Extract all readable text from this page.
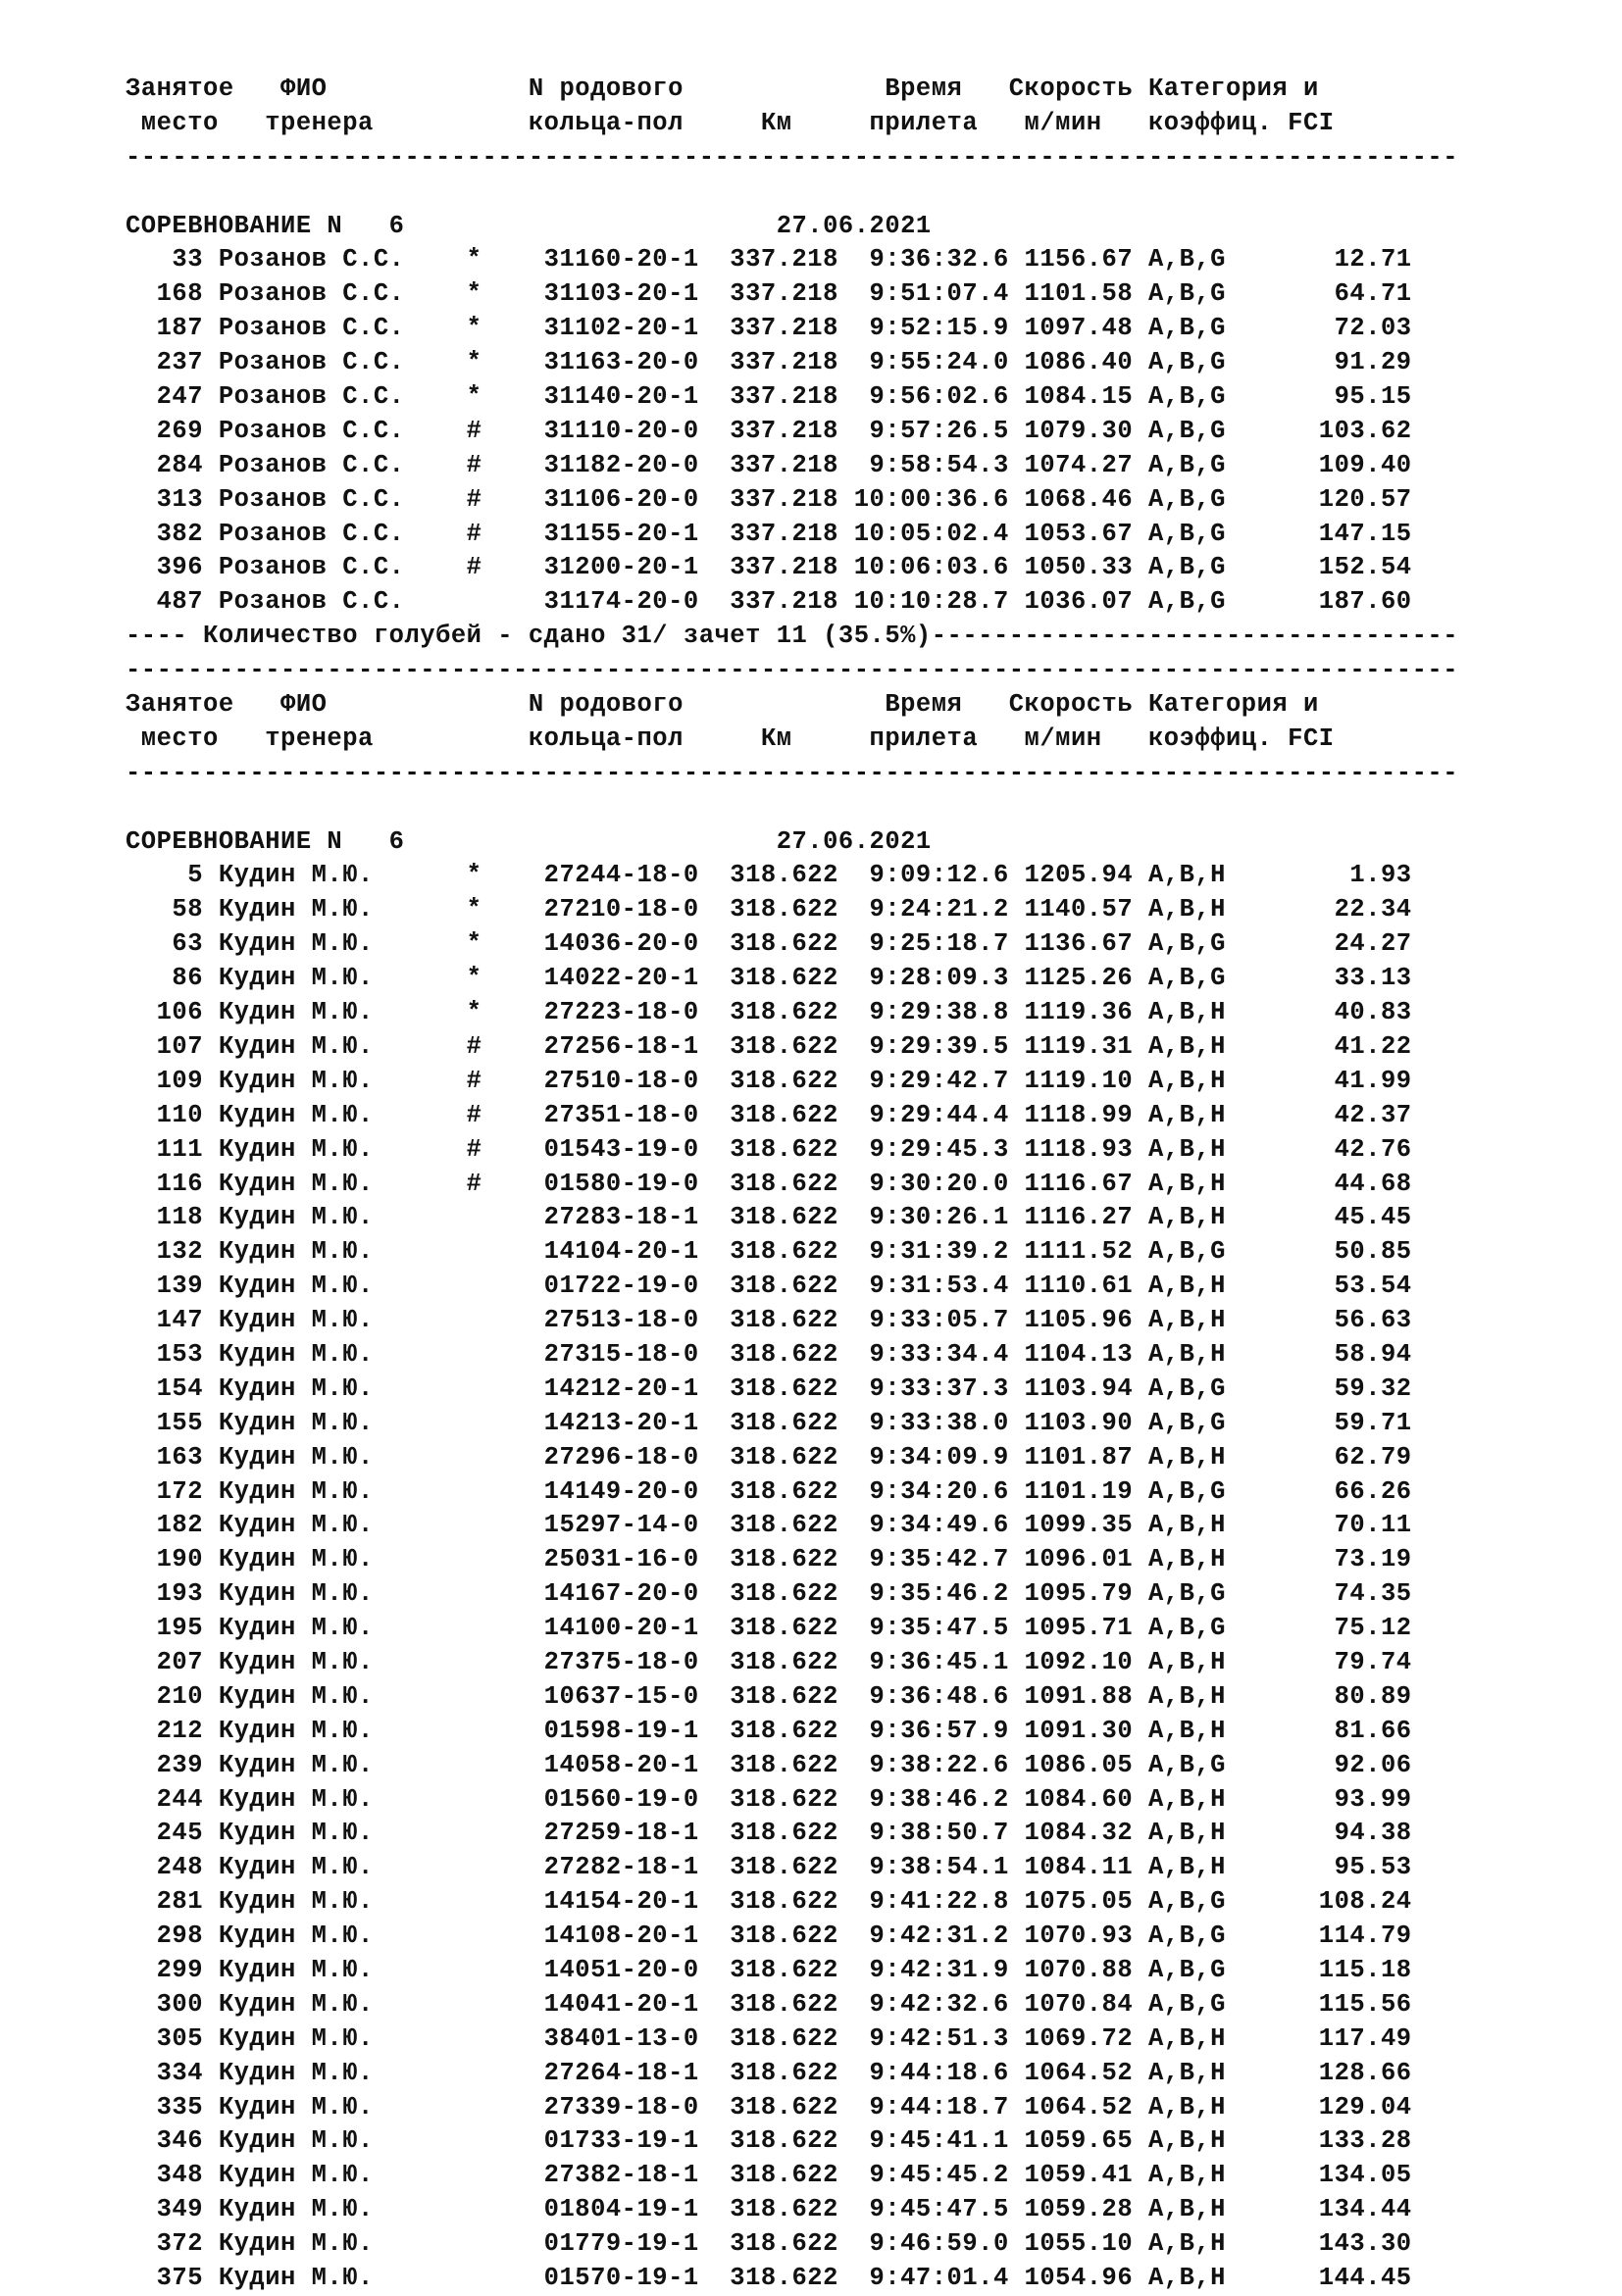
Занятое   ФИО             N родового             Время   Скорость Категория и
место   тренера          кольца-пол     Км     прилета   м/мин   коэффиц. FCI
--------------------------------------------------------------------------------------
СОРЕВНОВАНИЕ N   6                        27.06.2021
33 Розанов С.С.    *    31160-20-1  337.218  9:36:32.6 1156.67 A,B,G       12.71
168 Розанов С.С.    *    31103-20-1  337.218  9:51:07.4 1101.58 A,B,G       64.71
187 Розанов С.С.    *    31102-20-1  337.218  9:52:15.9 1097.48 A,B,G       72.03
237 Розанов С.С.    *    31163-20-0  337.218  9:55:24.0 1086.40 A,B,G       91.29
247 Розанов С.С.    *    31140-20-1  337.218  9:56:02.6 1084.15 A,B,G       95.15
269 Розанов С.С.    #    31110-20-0  337.218  9:57:26.5 1079.30 A,B,G      103.62
284 Розанов С.С.    #    31182-20-0  337.218  9:58:54.3 1074.27 A,B,G      109.40
313 Розанов С.С.    #    31106-20-0  337.218 10:00:36.6 1068.46 A,B,G      120.57
382 Розанов С.С.    #    31155-20-1  337.218 10:05:02.4 1053.67 A,B,G      147.15
396 Розанов С.С.    #    31200-20-1  337.218 10:06:03.6 1050.33 A,B,G      152.54
487 Розанов С.С.         31174-20-0  337.218 10:10:28.7 1036.07 A,B,G      187.60
---- Количество голубей - сдано 31/ зачет 11 (35.5%)----------------------------------
--------------------------------------------------------------------------------------
Занятое   ФИО             N родового             Время   Скорость Категория и
место   тренера          кольца-пол     Км     прилета   м/мин   коэффиц. FCI
--------------------------------------------------------------------------------------
СОРЕВНОВАНИЕ N   6                        27.06.2021
5 Кудин М.Ю.      *    27244-18-0  318.622  9:09:12.6 1205.94 A,B,H        1.93
58 Кудин М.Ю.      *    27210-18-0  318.622  9:24:21.2 1140.57 A,B,H       22.34
63 Кудин М.Ю.      *    14036-20-0  318.622  9:25:18.7 1136.67 A,B,G       24.27
86 Кудин М.Ю.      *    14022-20-1  318.622  9:28:09.3 1125.26 A,B,G       33.13
106 Кудин М.Ю.      *    27223-18-0  318.622  9:29:38.8 1119.36 A,B,H       40.83
107 Кудин М.Ю.      #    27256-18-1  318.622  9:29:39.5 1119.31 A,B,H       41.22
109 Кудин М.Ю.      #    27510-18-0  318.622  9:29:42.7 1119.10 A,B,H       41.99
110 Кудин М.Ю.      #    27351-18-0  318.622  9:29:44.4 1118.99 A,B,H       42.37
111 Кудин М.Ю.      #    01543-19-0  318.622  9:29:45.3 1118.93 A,B,H       42.76
116 Кудин М.Ю.      #    01580-19-0  318.622  9:30:20.0 1116.67 A,B,H       44.68
118 Кудин М.Ю.           27283-18-1  318.622  9:30:26.1 1116.27 A,B,H       45.45
132 Кудин М.Ю.           14104-20-1  318.622  9:31:39.2 1111.52 A,B,G       50.85
139 Кудин М.Ю.           01722-19-0  318.622  9:31:53.4 1110.61 A,B,H       53.54
147 Кудин М.Ю.           27513-18-0  318.622  9:33:05.7 1105.96 A,B,H       56.63
153 Кудин М.Ю.           27315-18-0  318.622  9:33:34.4 1104.13 A,B,H       58.94
154 Кудин М.Ю.           14212-20-1  318.622  9:33:37.3 1103.94 A,B,G       59.32
155 Кудин М.Ю.           14213-20-1  318.622  9:33:38.0 1103.90 A,B,G       59.71
163 Кудин М.Ю.           27296-18-0  318.622  9:34:09.9 1101.87 A,B,H       62.79
172 Кудин М.Ю.           14149-20-0  318.622  9:34:20.6 1101.19 A,B,G       66.26
182 Кудин М.Ю.           15297-14-0  318.622  9:34:49.6 1099.35 A,B,H       70.11
190 Кудин М.Ю.           25031-16-0  318.622  9:35:42.7 1096.01 A,B,H       73.19
193 Кудин М.Ю.           14167-20-0  318.622  9:35:46.2 1095.79 A,B,G       74.35
195 Кудин М.Ю.           14100-20-1  318.622  9:35:47.5 1095.71 A,B,G       75.12
207 Кудин М.Ю.           27375-18-0  318.622  9:36:45.1 1092.10 A,B,H       79.74
210 Кудин М.Ю.           10637-15-0  318.622  9:36:48.6 1091.88 A,B,H       80.89
212 Кудин М.Ю.           01598-19-1  318.622  9:36:57.9 1091.30 A,B,H       81.66
239 Кудин М.Ю.           14058-20-1  318.622  9:38:22.6 1086.05 A,B,G       92.06
244 Кудин М.Ю.           01560-19-0  318.622  9:38:46.2 1084.60 A,B,H       93.99
245 Кудин М.Ю.           27259-18-1  318.622  9:38:50.7 1084.32 A,B,H       94.38
248 Кудин М.Ю.           27282-18-1  318.622  9:38:54.1 1084.11 A,B,H       95.53
281 Кудин М.Ю.           14154-20-1  318.622  9:41:22.8 1075.05 A,B,G      108.24
298 Кудин М.Ю.           14108-20-1  318.622  9:42:31.2 1070.93 A,B,G      114.79
299 Кудин М.Ю.           14051-20-0  318.622  9:42:31.9 1070.88 A,B,G      115.18
300 Кудин М.Ю.           14041-20-1  318.622  9:42:32.6 1070.84 A,B,G      115.56
305 Кудин М.Ю.           38401-13-0  318.622  9:42:51.3 1069.72 A,B,H      117.49
334 Кудин М.Ю.           27264-18-1  318.622  9:44:18.6 1064.52 A,B,H      128.66
335 Кудин М.Ю.           27339-18-0  318.622  9:44:18.7 1064.52 A,B,H      129.04
346 Кудин М.Ю.           01733-19-1  318.622  9:45:41.1 1059.65 A,B,H      133.28
348 Кудин М.Ю.           27382-18-1  318.622  9:45:45.2 1059.41 A,B,H      134.05
349 Кудин М.Ю.           01804-19-1  318.622  9:45:47.5 1059.28 A,B,H      134.44
372 Кудин М.Ю.           01779-19-1  318.622  9:46:59.0 1055.10 A,B,H      143.30
375 Кудин М.Ю.           01570-19-1  318.622  9:47:01.4 1054.96 A,B,H      144.45
